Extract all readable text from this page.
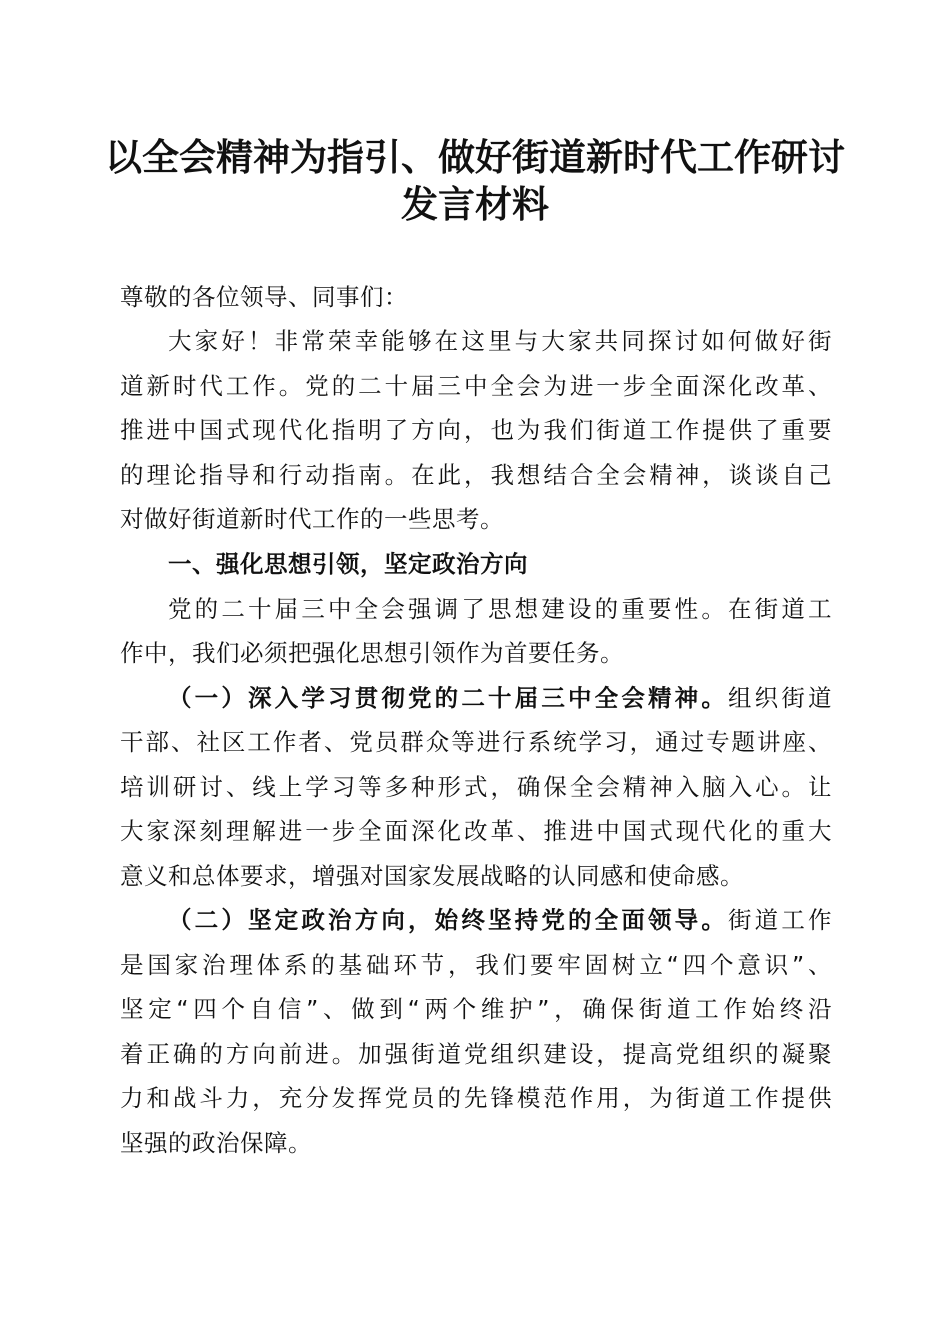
以全会精神为指引、做好街道新时代工作研讨
发言材料
尊敬的各位领导、同事们：
大家好！非常荣幸能够在这里与大家共同探讨如何做好街
道新时代工作。党的二十届三中全会为进一步全面深化改革、
推进中国式现代化指明了方向，也为我们街道工作提供了重要
的理论指导和行动指南。在此，我想结合全会精神，谈谈自己
对做好街道新时代工作的一些思考。
一、强化思想引领，坚定政治方向
党的二十届三中全会强调了思想建设的重要性。在街道工
作中，我们必须把强化思想引领作为首要任务。
（一）深入学习贯彻党的二十届三中全会精神。组织街道
干部、社区工作者、党员群众等进行系统学习，通过专题讲座、
培训研讨、线上学习等多种形式，确保全会精神入脑入心。让
大家深刻理解进一步全面深化改革、推进中国式现代化的重大
意义和总体要求，增强对国家发展战略的认同感和使命感。
（二）坚定政治方向，始终坚持党的全面领导。街道工作
是国家治理体系的基础环节，我们要牢固树立“四个意识”、
坚定“四个自信”、做到“两个维护”，确保街道工作始终沿
着正确的方向前进。加强街道党组织建设，提高党组织的凝聚
力和战斗力，充分发挥党员的先锋模范作用，为街道工作提供
坚强的政治保障。
